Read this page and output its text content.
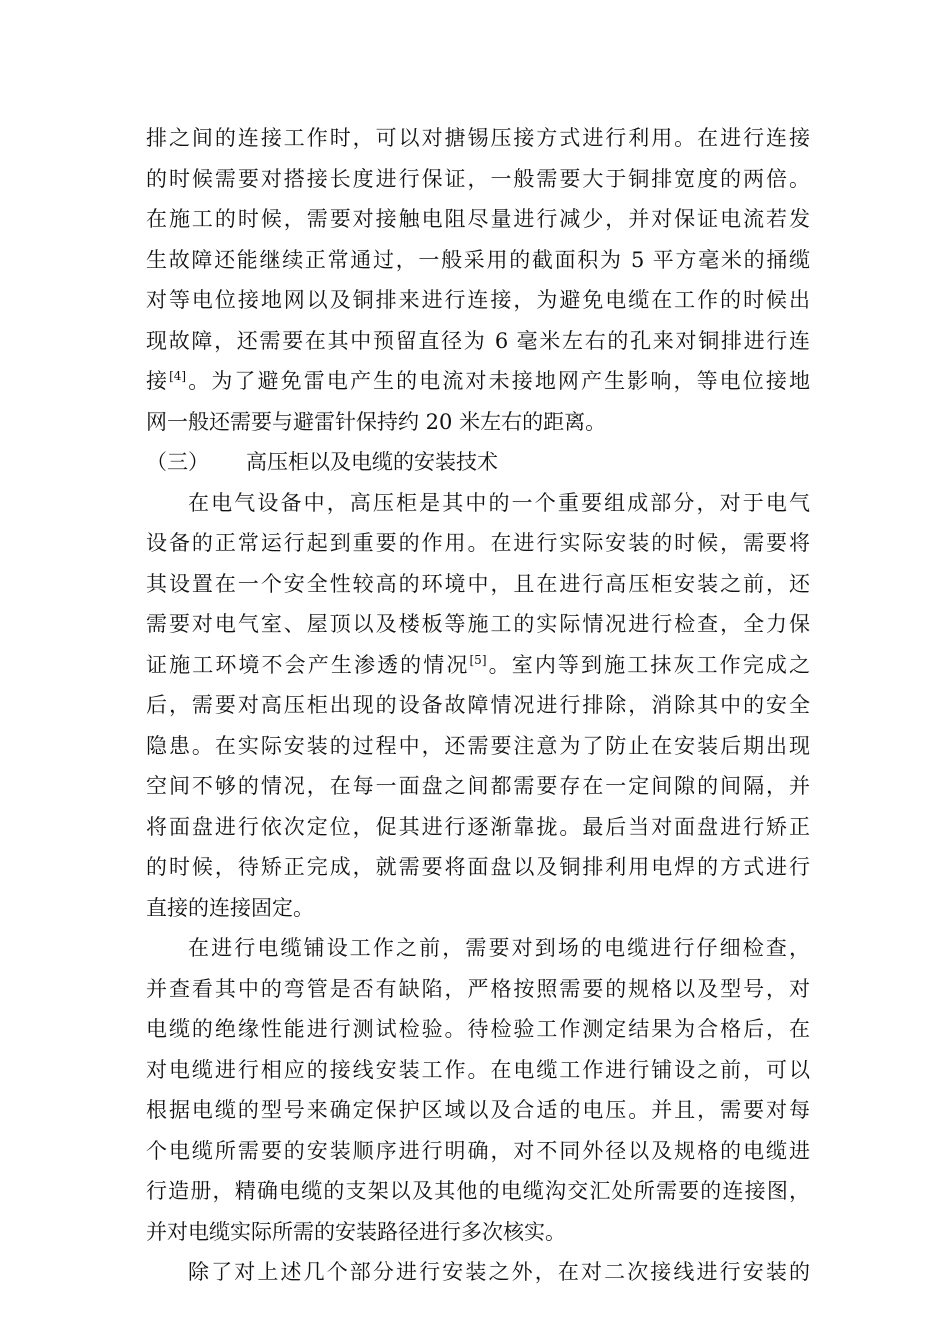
排之间的连接工作时，可以对搪锡压接方式进行利用。在进行连接
的时候需要对搭接长度进行保证，一般需要大于铜排宽度的两倍。
在施工的时候，需要对接触电阻尽量进行减少，并对保证电流若发
生故障还能继续正常通过，一般采用的截面积为 5 平方毫米的捅缆
对等电位接地网以及铜排来进行连接，为避免电缆在工作的时候出
现故障，还需要在其中预留直径为 6 毫米左右的孔来对铜排进行连
接[4]。为了避免雷电产生的电流对未接地网产生影响，等电位接地
网一般还需要与避雷针保持约 20 米左右的距离。
（三） 高压柜以及电缆的安装技术
在电气设备中，高压柜是其中的一个重要组成部分，对于电气
设备的正常运行起到重要的作用。在进行实际安装的时候，需要将
其设置在一个安全性较高的环境中，且在进行高压柜安装之前，还
需要对电气室、屋顶以及楼板等施工的实际情况进行检查，全力保
证施工环境不会产生渗透的情况[5]。室内等到施工抹灰工作完成之
后，需要对高压柜出现的设备故障情况进行排除，消除其中的安全
隐患。在实际安装的过程中，还需要注意为了防止在安装后期出现
空间不够的情况，在每一面盘之间都需要存在一定间隙的间隔，并
将面盘进行依次定位，促其进行逐渐靠拢。最后当对面盘进行矫正
的时候，待矫正完成，就需要将面盘以及铜排利用电焊的方式进行
直接的连接固定。
在进行电缆铺设工作之前，需要对到场的电缆进行仔细检查，
并查看其中的弯管是否有缺陷，严格按照需要的规格以及型号，对
电缆的绝缘性能进行测试检验。待检验工作测定结果为合格后，在
对电缆进行相应的接线安装工作。在电缆工作进行铺设之前，可以
根据电缆的型号来确定保护区域以及合适的电压。并且，需要对每
个电缆所需要的安装顺序进行明确，对不同外径以及规格的电缆进
行造册，精确电缆的支架以及其他的电缆沟交汇处所需要的连接图，
并对电缆实际所需的安装路径进行多次核实。
除了对上述几个部分进行安装之外，在对二次接线进行安装的
